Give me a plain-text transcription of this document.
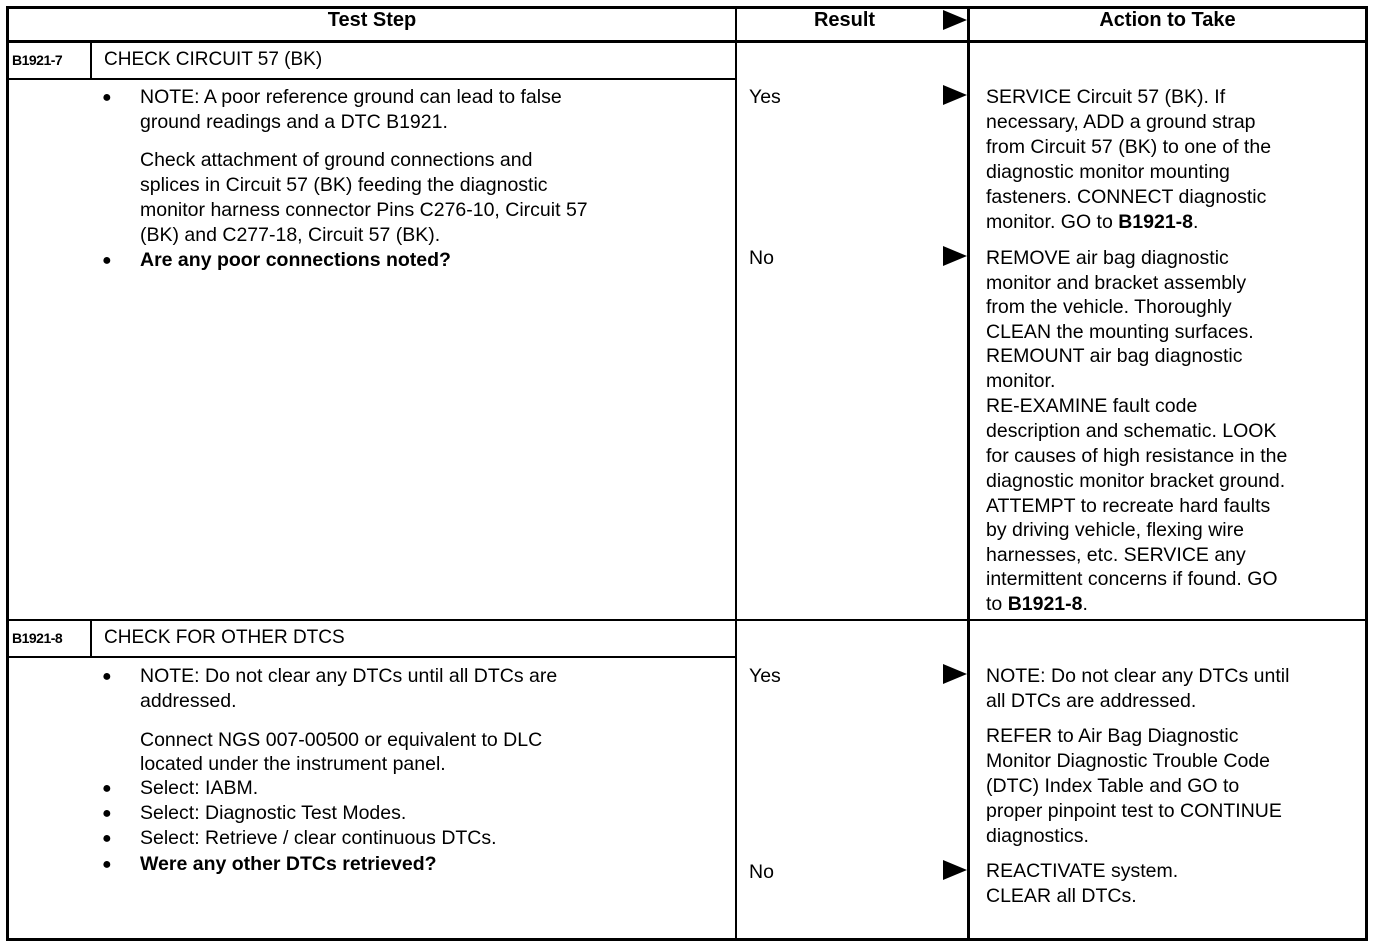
Test Step	Result	Action to Take
B1921-7 CHECK CIRCUIT 57 (BK)
● NOTE: A poor reference ground can lead to false
ground readings and a DTC B1921.
Check attachment of ground connections and
splices in Circuit 57 (BK) feeding the diagnostic
monitor harness connector Pins C276-10, Circuit 57
(BK) and C277-18, Circuit 57 (BK).
● Are any poor connections noted?
Yes
No
SERVICE Circuit 57 (BK). If
necessary, ADD a ground strap
from Circuit 57 (BK) to one of the
diagnostic monitor mounting
fasteners. CONNECT diagnostic
monitor. GO to B1921-8.
REMOVE air bag diagnostic
monitor and bracket assembly
from the vehicle. Thoroughly
CLEAN the mounting surfaces.
REMOUNT air bag diagnostic
monitor.
RE-EXAMINE fault code
description and schematic. LOOK
for causes of high resistance in the
diagnostic monitor bracket ground.
ATTEMPT to recreate hard faults
by driving vehicle, flexing wire
harnesses, etc. SERVICE any
intermittent concerns if found. GO
to B1921-8.
B1921-8 CHECK FOR OTHER DTCS
● NOTE: Do not clear any DTCs until all DTCs are
addressed.
Connect NGS 007-00500 or equivalent to DLC
located under the instrument panel.
● Select: IABM.
● Select: Diagnostic Test Modes.
● Select: Retrieve / clear continuous DTCs.
● Were any other DTCs retrieved?
Yes
No
NOTE: Do not clear any DTCs until
all DTCs are addressed.
REFER to Air Bag Diagnostic
Monitor Diagnostic Trouble Code
(DTC) Index Table and GO to
proper pinpoint test to CONTINUE
diagnostics.
REACTIVATE system.
CLEAR all DTCs.
